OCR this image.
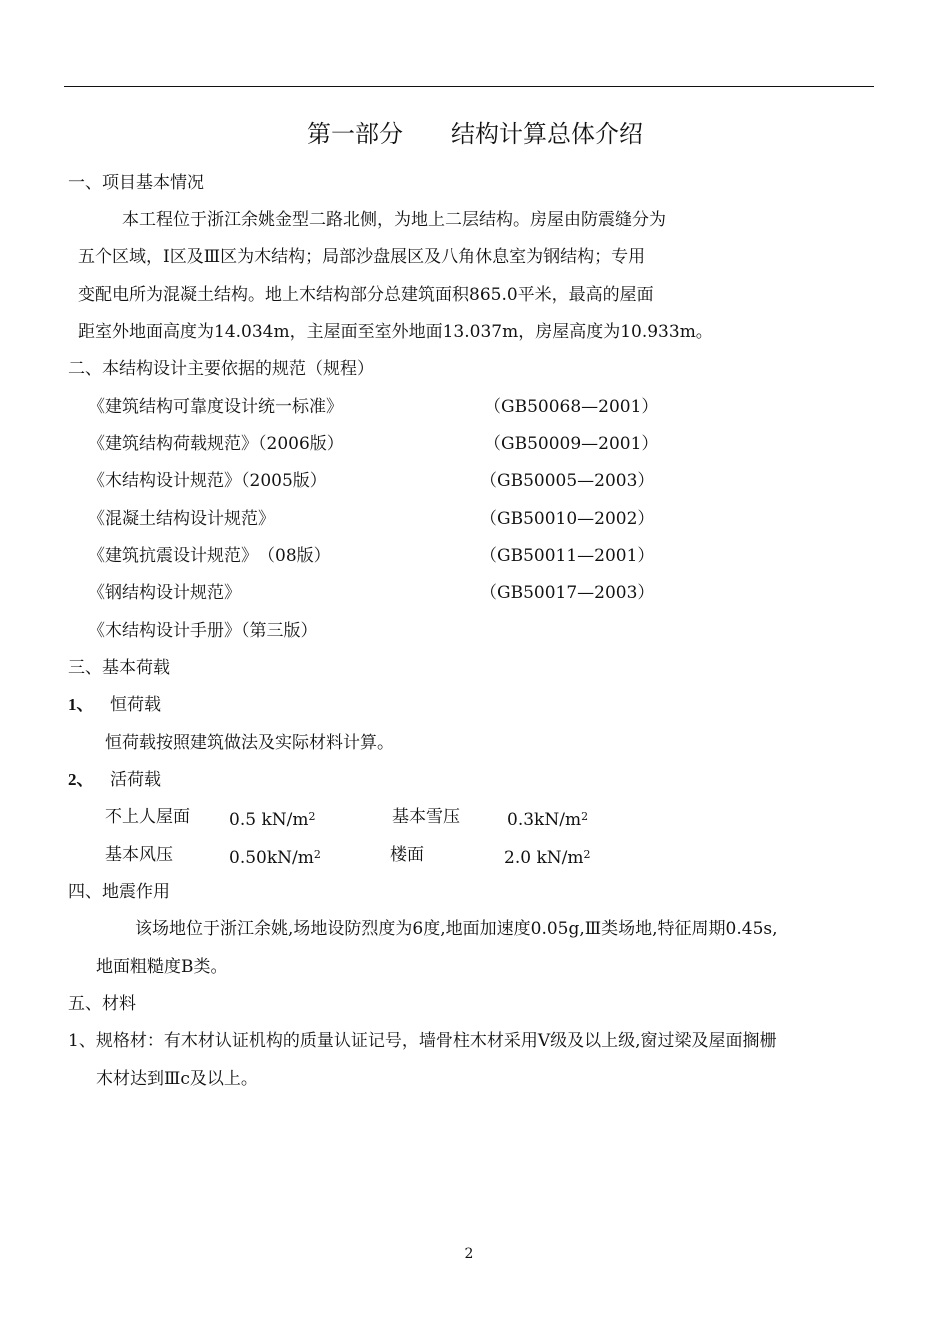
第一部分 结构计算总体介绍
一、项目基本情况
本工程位于浙江余姚金型二路北侧，为地上二层结构。房屋由防震缝分为
五个区域，Ⅰ区及Ⅲ区为木结构；局部沙盘展区及八角休息室为钢结构；专用
变配电所为混凝土结构。地上木结构部分总建筑面积865.0平米，最高的屋面
距室外地面高度为14.034m，主屋面至室外地面13.037m，房屋高度为10.933m。
二、本结构设计主要依据的规范（规程）
《建筑结构可靠度设计统一标准》	（GB50068—2001）
《建筑结构荷载规范》（2006版）	（GB50009—2001）
《木结构设计规范》（2005版）	（GB50005—2003）
《混凝土结构设计规范》	（GB50010—2002）
《建筑抗震设计规范》　（08版）	（GB50011—2001）
《钢结构设计规范》	（GB50017—2003）
《木结构设计手册》（第三版）
三、基本荷载
1、 恒荷载
恒荷载按照建筑做法及实际材料计算。
2、 活荷载
不上人屋面 0.5 $kN/m^2$	基本雪压	$0.3kN/m^2$
基本风压	$0.50kN/m^2$	楼面	2.0 $kN/m^2$
四、地震作用
该场地位于浙江余姚,场地设防烈度为6度,地面加速度0.05g,Ⅲ类场地,特征周期0.45s,
地面粗糙度B类。
五、材料
1、规格材：有木材认证机构的质量认证记号，墙骨柱木材采用Ⅴ级及以上级,窗过梁及屋面搁栅
木材达到Ⅲc及以上。
2
